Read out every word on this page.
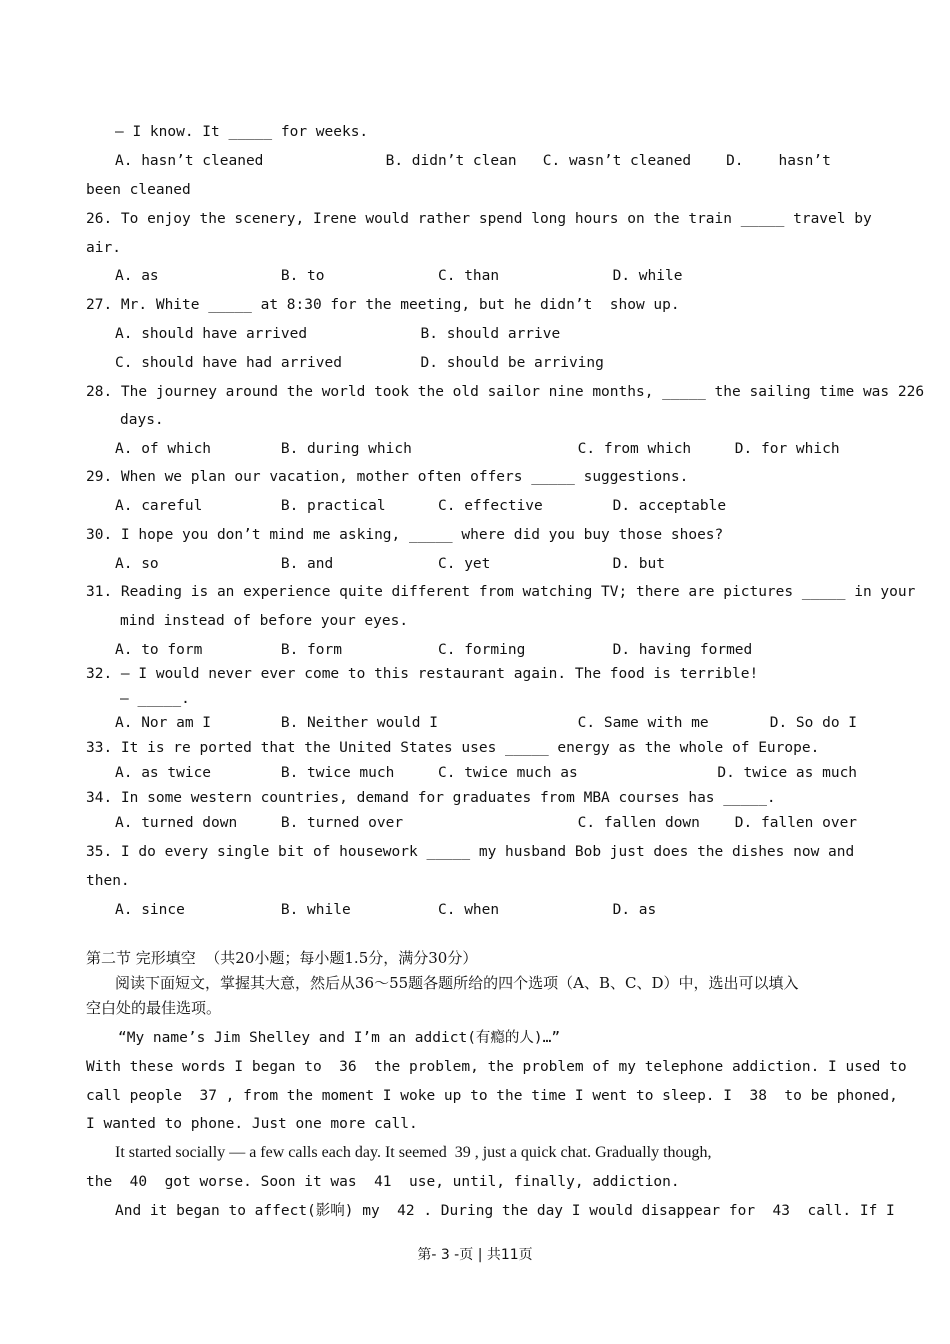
— I know. It _____ for weeks.
A. hasn’t cleaned              B. didn’t clean   C. wasn’t cleaned    D.    hasn’t
been cleaned
26. To enjoy the scenery, Irene would rather spend long hours on the train _____ travel by
air.
A. as              B. to             C. than             D. while
27. Mr. White _____ at 8:30 for the meeting, but he didn’t  show up.
A. should have arrived             B. should arrive
C. should have had arrived         D. should be arriving
28. The journey around the world took the old sailor nine months, _____ the sailing time was 226
days.
A. of which        B. during which                   C. from which     D. for which
29. When we plan our vacation, mother often offers _____ suggestions.
A. careful         B. practical      C. effective        D. acceptable
30. I hope you don’t mind me asking, _____ where did you buy those shoes?
A. so              B. and            C. yet              D. but
31. Reading is an experience quite different from watching TV; there are pictures _____ in your
mind instead of before your eyes.
A. to form         B. form           C. forming          D. having formed
32. — I would never ever come to this restaurant again. The food is terrible!
— _____.
A. Nor am I        B. Neither would I                C. Same with me       D. So do I
33. It is re ported that the United States uses _____ energy as the whole of Europe.
A. as twice        B. twice much     C. twice much as                D. twice as much
34. In some western countries, demand for graduates from MBA courses has _____.
A. turned down     B. turned over                    C. fallen down    D. fallen over
35. I do every single bit of housework _____ my husband Bob just does the dishes now and
then.
A. since           B. while          C. when             D. as
第二节 完形填空  （共20小题；每小题1.5分，满分30分）
阅读下面短文，掌握其大意，然后从36～55题各题所给的四个选项（A、B、C、D）中，选出可以填入
空白处的最佳选项。
“My name’s Jim Shelley and I’m an addict(有瘾的人)…”
With these words I began to  36  the problem, the problem of my telephone addiction. I used to
call people  37 , from the moment I woke up to the time I went to sleep. I  38  to be phoned,
I wanted to phone. Just one more call.
It started socially — a few calls each day. It seemed  39 , just a quick chat. Gradually though,
the  40  got worse. Soon it was  41  use, until, finally, addiction.
And it began to affect(影响) my  42 . During the day I would disappear for  43  call. If I
第- 3 -页 | 共11页
